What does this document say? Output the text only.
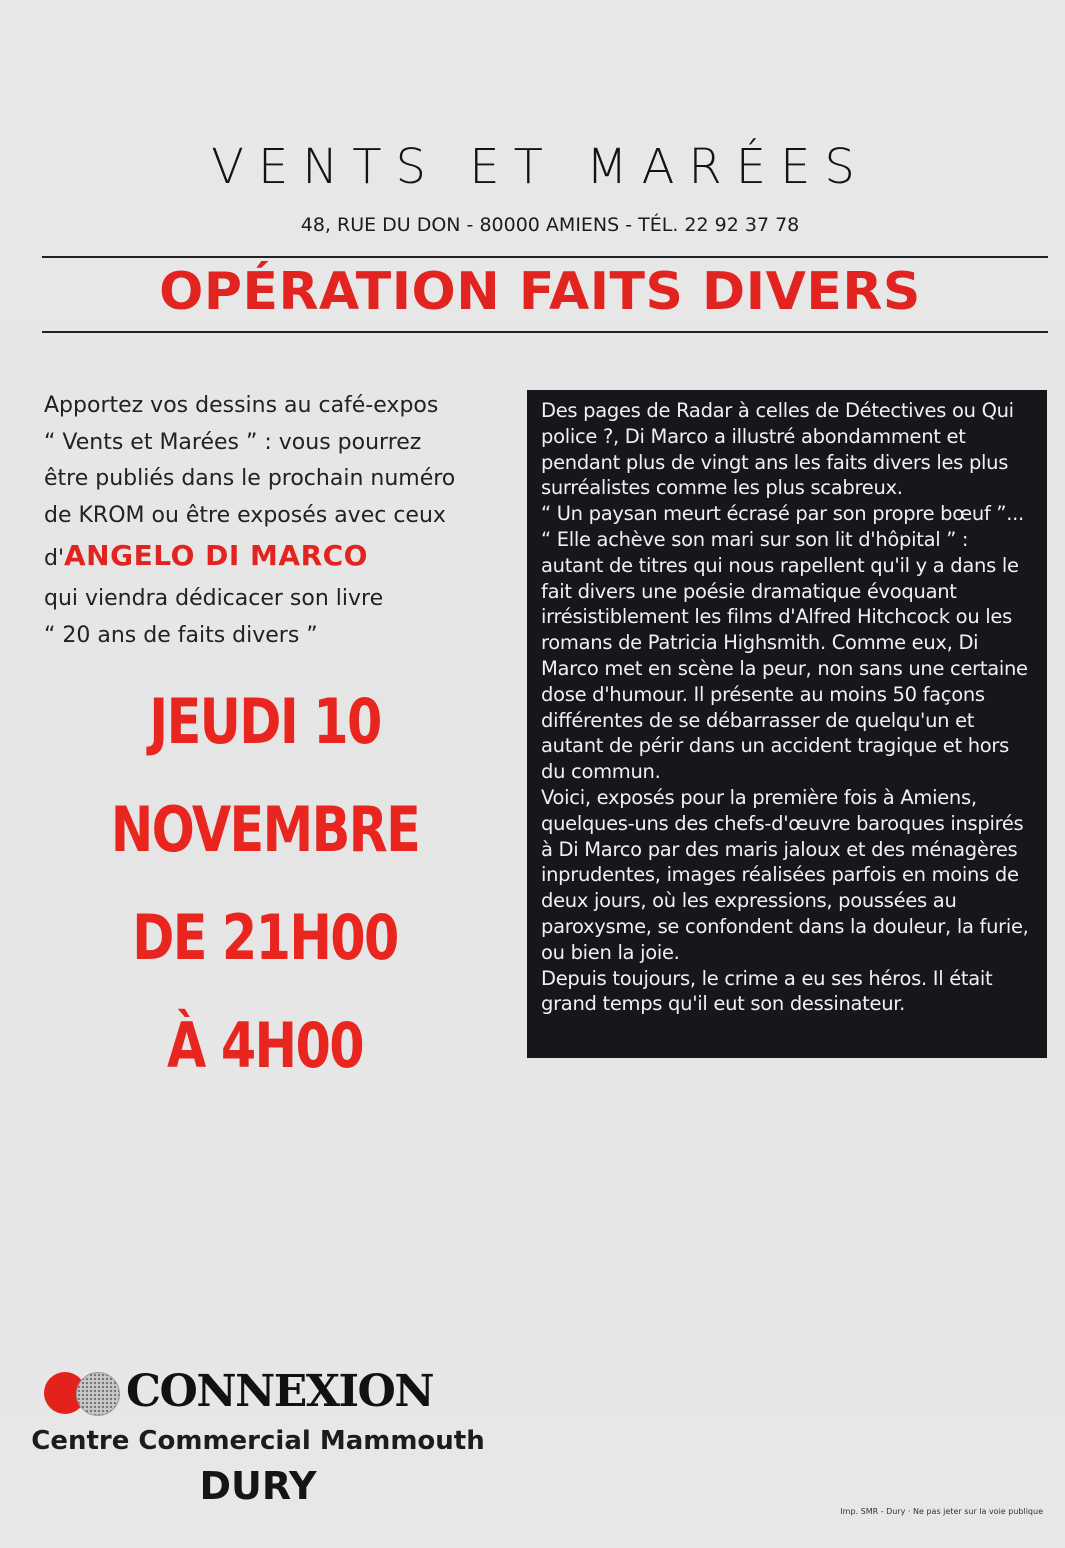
VENTS ET MARÉES
48, RUE DU DON - 80000 AMIENS - TÉL. 22 92 37 78
OPÉRATION FAITS DIVERS

Apportez vos dessins au café-expos

“ Vents et Marées ” : vous pourrez

être publiés dans le prochain numéro

de KROM ou être exposés avec ceux

d'ANGELO DI MARCO

qui viendra dédicacer son livre

“ 20 ans de faits divers ”

JEUDI 10
NOVEMBRE
DE 21H00
À 4H00

Des pages de Radar à celles de Détectives ou Qui police ?, Di Marco a illustré abondamment et pendant plus de vingt ans les faits divers les plus surréalistes comme les plus scabreux.

“ Un paysan meurt écrasé par son propre bœuf ”...

“ Elle achève son mari sur son lit d'hôpital ” : autant de titres qui nous rapellent qu'il y a dans le fait divers une poésie dramatique évoquant irrésistiblement les films d'Alfred Hitchcock ou les romans de Patricia Highsmith. Comme eux, Di Marco met en scène la peur, non sans une certaine dose d'humour. Il présente au moins 50 façons différentes de se débarrasser de quelqu'un et autant de périr dans un accident tragique et hors du commun.

Voici, exposés pour la première fois à Amiens, quelques-uns des chefs-d'œuvre baroques inspirés à Di Marco par des maris jaloux et des ménagères inprudentes, images réalisées parfois en moins de deux jours, où les expressions, poussées au paroxysme, se confondent dans la douleur, la furie, ou bien la joie.

Depuis toujours, le crime a eu ses héros. Il était grand temps qu'il eut son dessinateur.

CONNEXION
Centre Commercial Mammouth
DURY
Imp. SMR - Dury · Ne pas jeter sur la voie publique
